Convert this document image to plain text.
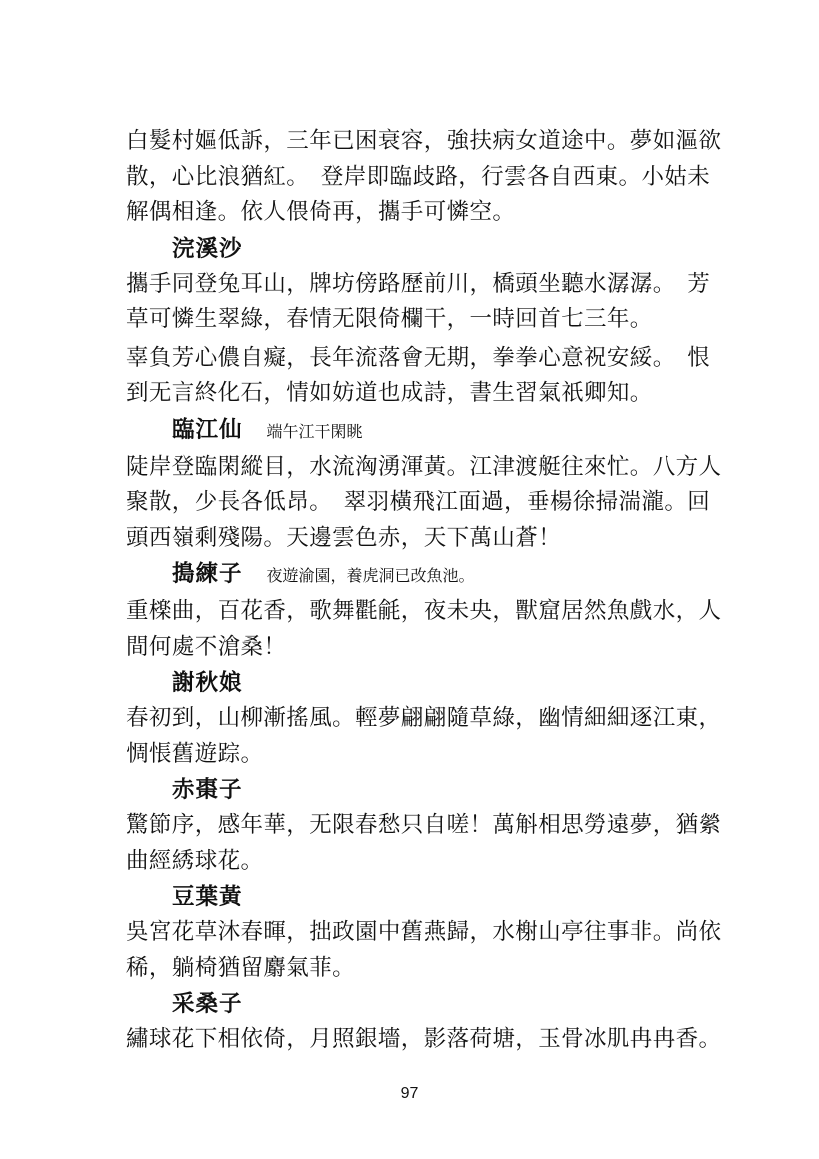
白髮村嫗低訴，三年已困衰容，強扶病女道途中。夢如漚欲

散，心比浪猶紅。　登岸即臨歧路，行雲各自西東。小姑未

解偶相逢。依人偎倚再，攜手可憐空。

浣溪沙

攜手同登兔耳山，牌坊傍路歷前川，橋頭坐聽水潺潺。　芳

草可憐生翠綠，春情无限倚欄干，一時回首七三年。

辜負芳心儂自癡，長年流落會无期，拳拳心意祝安綏。　恨

到无言終化石，情如妨道也成詩，書生習氣祇卿知。

臨江仙 端午江干閑眺

陡岸登臨閑縱目，水流洶湧渾黃。江津渡艇往來忙。八方人

聚散，少長各低昂。　翠羽橫飛江面過，垂楊徐掃湍瀧。回

頭西嶺剩殘陽。天邊雲色赤，天下萬山蒼！

搗練子 夜遊渝園，養虎洞已改魚池。

重檪曲，百花香，歌舞氍毹，夜未央，獸窟居然魚戲水，人

間何處不滄桑！

謝秋娘

春初到，山柳漸搖風。輕夢翩翩隨草綠，幽情細細逐江東，

惆悵舊遊踪。

赤棗子

驚節序，感年華，无限春愁只自嗟！萬斛相思勞遠夢，猶縈

曲經綉球花。

豆葉黃

吳宮花草沐春暉，拙政園中舊燕歸，水榭山亭往事非。尚依

稀，躺椅猶留麝氣菲。

采桑子

繡球花下相依倚，月照銀墻，影落荷塘，玉骨冰肌冉冉香。

97
